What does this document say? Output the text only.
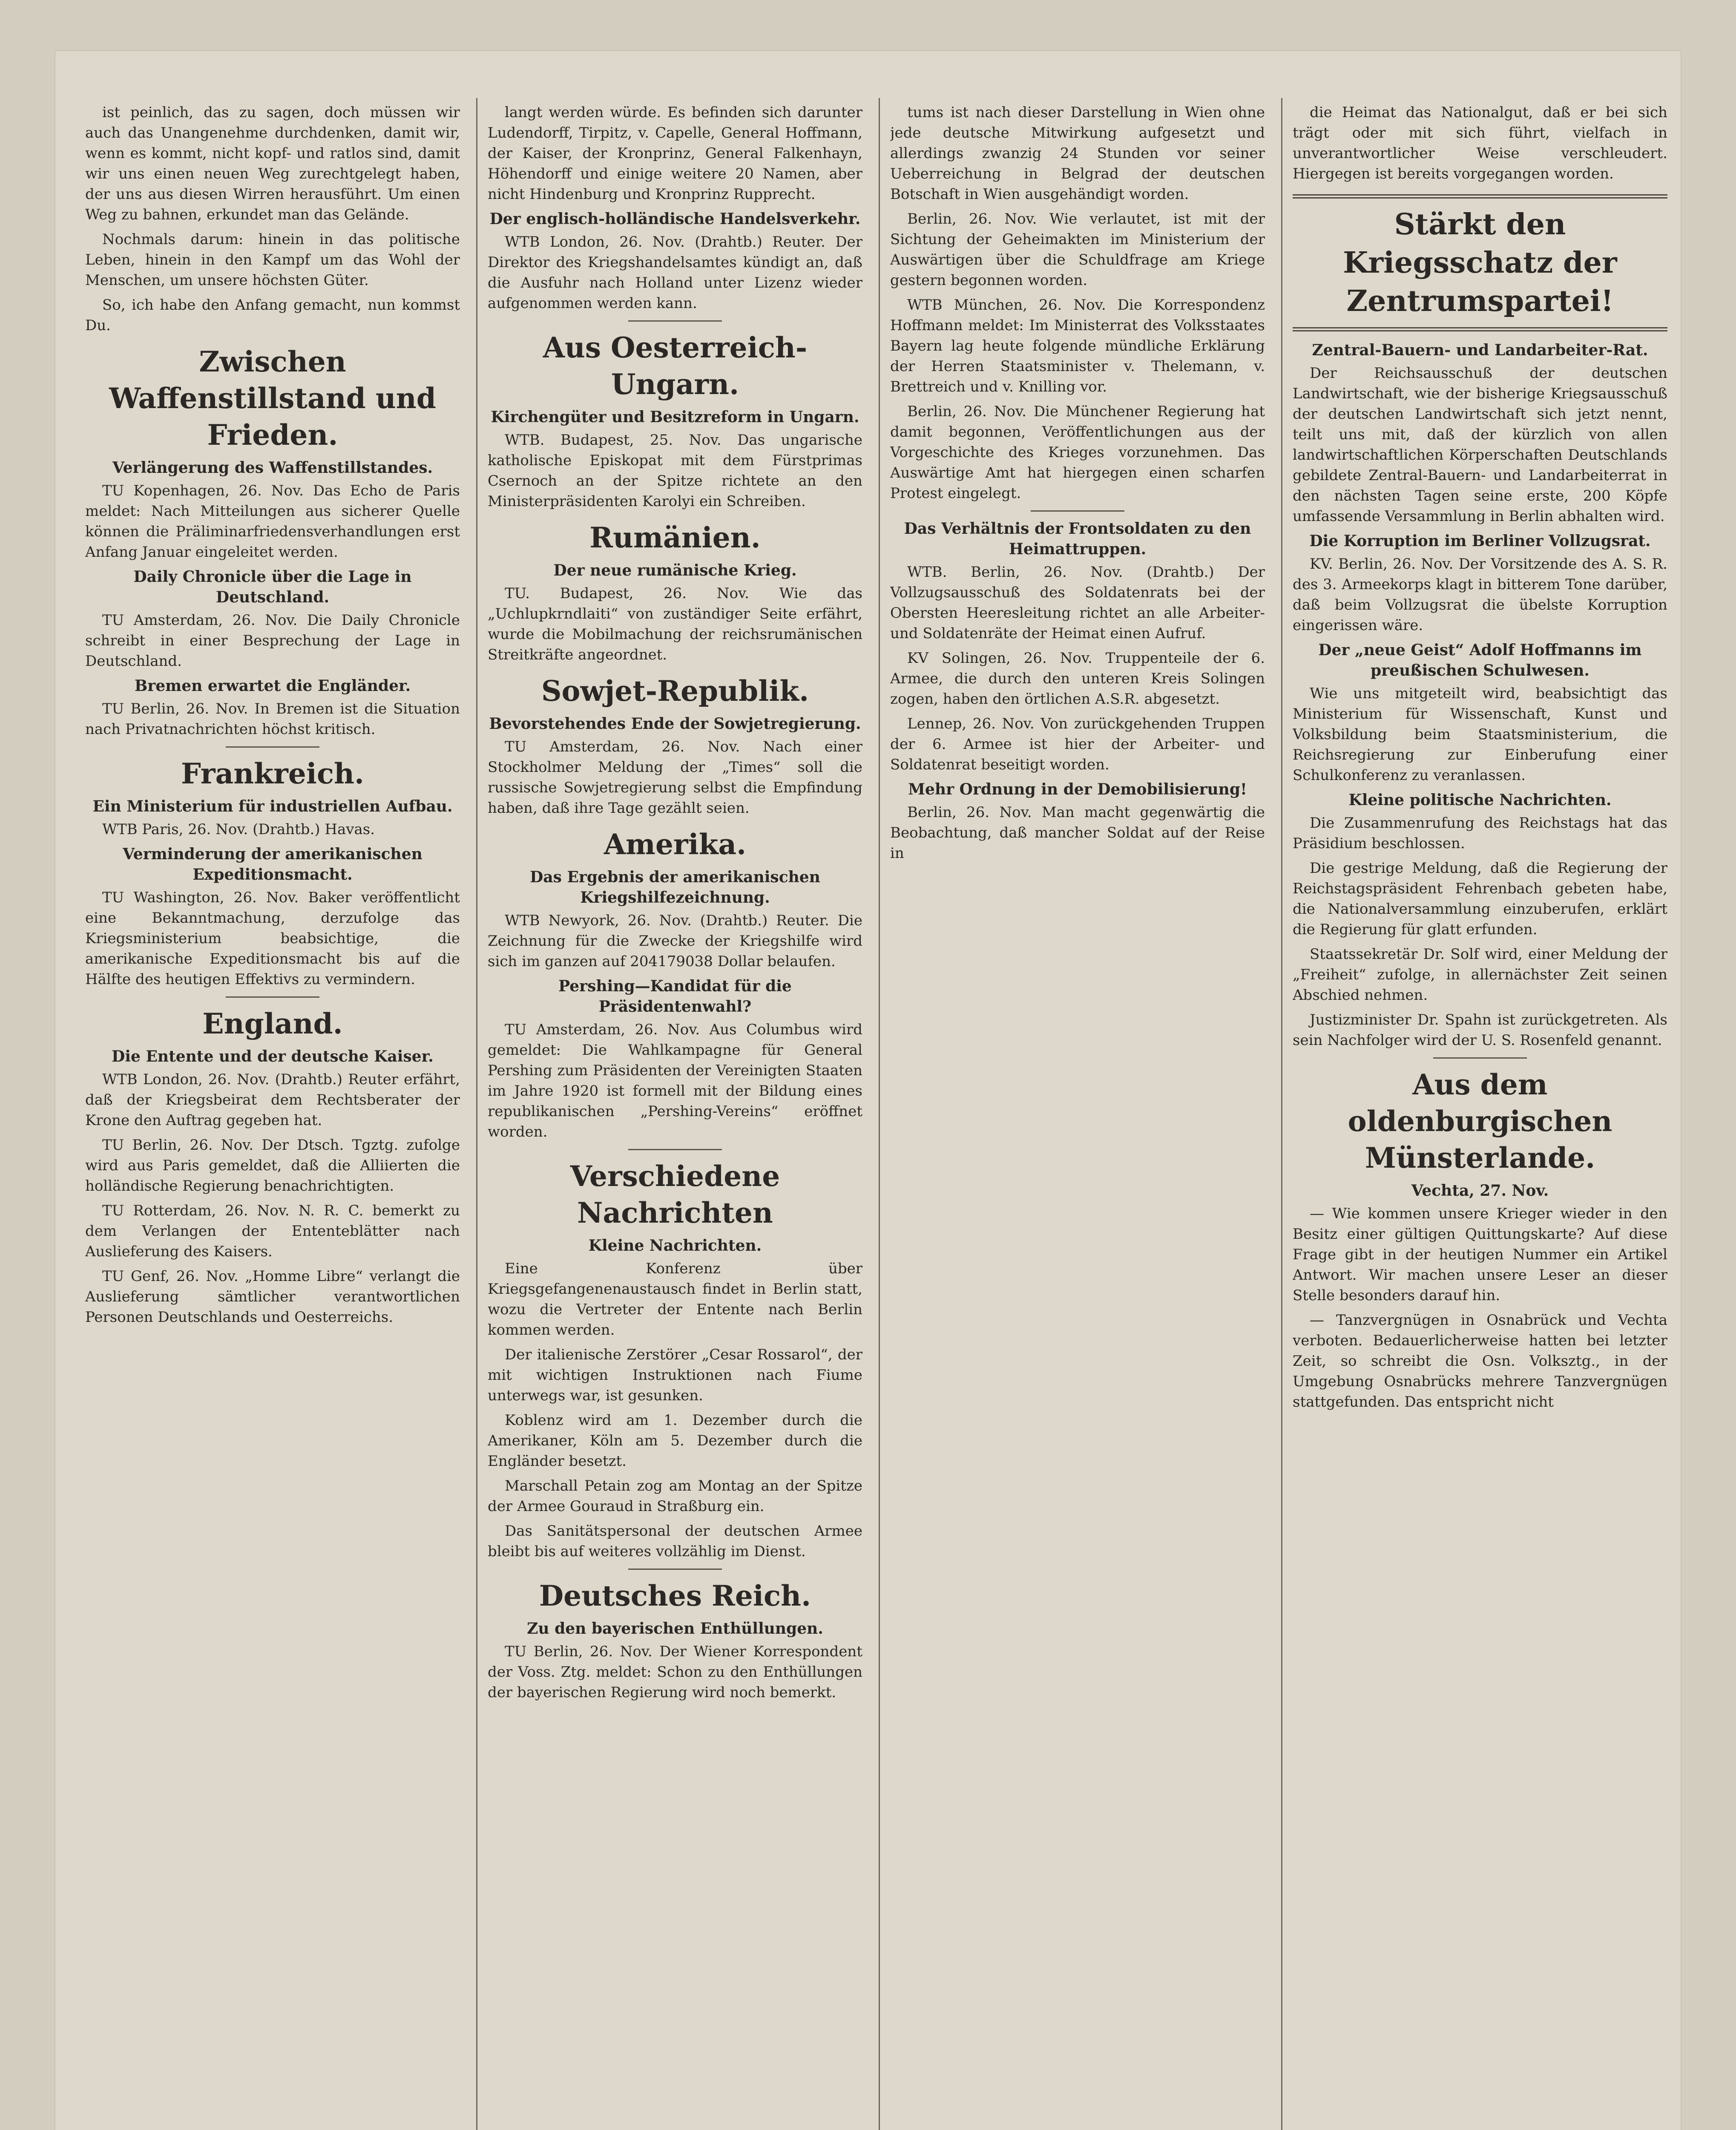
ist peinlich, das zu sagen, doch müssen wir auch das Unangenehme durchdenken, damit wir, wenn es kommt, nicht kopf- und ratlos sind, damit wir uns einen neuen Weg zurechtgelegt haben, der uns aus diesen Wirren herausführt. Um einen Weg zu bahnen, erkundet man das Gelände.

Nochmals darum: hinein in das politische Leben, hinein in den Kampf um das Wohl der Menschen, um unsere höchsten Güter.

So, ich habe den Anfang gemacht, nun kommst Du.

Zwischen Waffenstillstand und Frieden.
Verlängerung des Waffenstillstandes.

TU Kopenhagen, 26. Nov. Das Echo de Paris meldet: Nach Mitteilungen aus sicherer Quelle können die Präliminarfriedensverhandlungen erst Anfang Januar eingeleitet werden.

Daily Chronicle über die Lage in Deutschland.

TU Amsterdam, 26. Nov. Die Daily Chronicle schreibt in einer Besprechung der Lage in Deutschland.

Bremen erwartet die Engländer.

TU Berlin, 26. Nov. In Bremen ist die Situation nach Privatnachrichten höchst kritisch.

Frankreich.
Ein Ministerium für industriellen Aufbau.

WTB Paris, 26. Nov. (Drahtb.) Havas.

Verminderung der amerikanischen Expeditionsmacht.

TU Washington, 26. Nov. Baker veröffentlicht eine Bekanntmachung, derzufolge das Kriegsministerium beabsichtige, die amerikanische Expeditionsmacht bis auf die Hälfte des heutigen Effektivs zu vermindern.

England.
Die Entente und der deutsche Kaiser.

WTB London, 26. Nov. (Drahtb.) Reuter erfährt, daß der Kriegsbeirat dem Rechtsberater der Krone den Auftrag gegeben hat.

TU Berlin, 26. Nov. Der Dtsch. Tgztg. zufolge wird aus Paris gemeldet, daß die Alliierten die holländische Regierung benachrichtigten.

TU Rotterdam, 26. Nov. N. R. C. bemerkt zu dem Verlangen der Ententeblätter nach Auslieferung des Kaisers.

TU Genf, 26. Nov. „Homme Libre“ verlangt die Auslieferung sämtlicher verantwortlichen Personen Deutschlands und Oesterreichs.

langt werden würde. Es befinden sich darunter Ludendorff, Tirpitz, v. Capelle, General Hoffmann, der Kaiser, der Kronprinz, General Falkenhayn, Höhendorff und einige weitere 20 Namen, aber nicht Hindenburg und Kronprinz Rupprecht.

Der englisch-holländische Handelsverkehr.

WTB London, 26. Nov. (Drahtb.) Reuter. Der Direktor des Kriegshandelsamtes kündigt an, daß die Ausfuhr nach Holland unter Lizenz wieder aufgenommen werden kann.

Aus Oesterreich-Ungarn.
Kirchengüter und Besitzreform in Ungarn.

WTB. Budapest, 25. Nov. Das ungarische katholische Episkopat mit dem Fürstprimas Csernoch an der Spitze richtete an den Ministerpräsidenten Karolyi ein Schreiben.

Rumänien.
Der neue rumänische Krieg.

TU. Budapest, 26. Nov. Wie das „Uchlupkrndlaiti“ von zuständiger Seite erfährt, wurde die Mobilmachung der reichsrumänischen Streitkräfte angeordnet.

Sowjet-Republik.
Bevorstehendes Ende der Sowjetregierung.

TU Amsterdam, 26. Nov. Nach einer Stockholmer Meldung der „Times“ soll die russische Sowjetregierung selbst die Empfindung haben, daß ihre Tage gezählt seien.

Amerika.
Das Ergebnis der amerikanischen Kriegshilfezeichnung.

WTB Newyork, 26. Nov. (Drahtb.) Reuter. Die Zeichnung für die Zwecke der Kriegshilfe wird sich im ganzen auf 204179038 Dollar belaufen.

Pershing—Kandidat für die Präsidentenwahl?

TU Amsterdam, 26. Nov. Aus Columbus wird gemeldet: Die Wahlkampagne für General Pershing zum Präsidenten der Vereinigten Staaten im Jahre 1920 ist formell mit der Bildung eines republikanischen „Pershing-Vereins“ eröffnet worden.

Verschiedene Nachrichten
Kleine Nachrichten.

Eine Konferenz über Kriegsgefangenenaustausch findet in Berlin statt, wozu die Vertreter der Entente nach Berlin kommen werden.

Der italienische Zerstörer „Cesar Rossarol“, der mit wichtigen Instruktionen nach Fiume unterwegs war, ist gesunken.

Koblenz wird am 1. Dezember durch die Amerikaner, Köln am 5. Dezember durch die Engländer besetzt.

Marschall Petain zog am Montag an der Spitze der Armee Gouraud in Straßburg ein.

Das Sanitätspersonal der deutschen Armee bleibt bis auf weiteres vollzählig im Dienst.

Deutsches Reich.
Zu den bayerischen Enthüllungen.

TU Berlin, 26. Nov. Der Wiener Korrespondent der Voss. Ztg. meldet: Schon zu den Enthüllungen der bayerischen Regierung wird noch bemerkt.

tums ist nach dieser Darstellung in Wien ohne jede deutsche Mitwirkung aufgesetzt und allerdings zwanzig 24 Stunden vor seiner Ueberreichung in Belgrad der deutschen Botschaft in Wien ausgehändigt worden.

Berlin, 26. Nov. Wie verlautet, ist mit der Sichtung der Geheimakten im Ministerium der Auswärtigen über die Schuldfrage am Kriege gestern begonnen worden.

WTB München, 26. Nov. Die Korrespondenz Hoffmann meldet: Im Ministerrat des Volksstaates Bayern lag heute folgende mündliche Erklärung der Herren Staatsminister v. Thelemann, v. Brettreich und v. Knilling vor.

Berlin, 26. Nov. Die Münchener Regierung hat damit begonnen, Veröffentlichungen aus der Vorgeschichte des Krieges vorzunehmen. Das Auswärtige Amt hat hiergegen einen scharfen Protest eingelegt.

Das Verhältnis der Frontsoldaten zu den Heimattruppen.

WTB. Berlin, 26. Nov. (Drahtb.) Der Vollzugsausschuß des Soldatenrats bei der Obersten Heeresleitung richtet an alle Arbeiter- und Soldatenräte der Heimat einen Aufruf.

KV Solingen, 26. Nov. Truppenteile der 6. Armee, die durch den unteren Kreis Solingen zogen, haben den örtlichen A.S.R. abgesetzt.

Lennep, 26. Nov. Von zurückgehenden Truppen der 6. Armee ist hier der Arbeiter- und Soldatenrat beseitigt worden.

Mehr Ordnung in der Demobilisierung!

Berlin, 26. Nov. Man macht gegenwärtig die Beobachtung, daß mancher Soldat auf der Reise in

die Heimat das Nationalgut, daß er bei sich trägt oder mit sich führt, vielfach in unverantwortlicher Weise verschleudert. Hiergegen ist bereits vorgegangen worden.

Stärkt den Kriegsschatz der Zentrumspartei!
Zentral-Bauern- und Landarbeiter-Rat.

Der Reichsausschuß der deutschen Landwirtschaft, wie der bisherige Kriegsausschuß der deutschen Landwirtschaft sich jetzt nennt, teilt uns mit, daß der kürzlich von allen landwirtschaftlichen Körperschaften Deutschlands gebildete Zentral-Bauern- und Landarbeiterrat in den nächsten Tagen seine erste, 200 Köpfe umfassende Versammlung in Berlin abhalten wird.

Die Korruption im Berliner Vollzugsrat.

KV. Berlin, 26. Nov. Der Vorsitzende des A. S. R. des 3. Armeekorps klagt in bitterem Tone darüber, daß beim Vollzugsrat die übelste Korruption eingerissen wäre.

Der „neue Geist“ Adolf Hoffmanns im preußischen Schulwesen.

Wie uns mitgeteilt wird, beabsichtigt das Ministerium für Wissenschaft, Kunst und Volksbildung beim Staatsministerium, die Reichsregierung zur Einberufung einer Schulkonferenz zu veranlassen.

Kleine politische Nachrichten.

Die Zusammenrufung des Reichstags hat das Präsidium beschlossen.

Die gestrige Meldung, daß die Regierung der Reichstagspräsident Fehrenbach gebeten habe, die Nationalversammlung einzuberufen, erklärt die Regierung für glatt erfunden.

Staatssekretär Dr. Solf wird, einer Meldung der „Freiheit“ zufolge, in allernächster Zeit seinen Abschied nehmen.

Justizminister Dr. Spahn ist zurückgetreten. Als sein Nachfolger wird der U. S. Rosenfeld genannt.

Aus dem oldenburgischen Münsterlande.
Vechta, 27. Nov.

— Wie kommen unsere Krieger wieder in den Besitz einer gültigen Quittungskarte? Auf diese Frage gibt in der heutigen Nummer ein Artikel Antwort. Wir machen unsere Leser an dieser Stelle besonders darauf hin.

— Tanzvergnügen in Osnabrück und Vechta verboten. Bedauerlicherweise hatten bei letzter Zeit, so schreibt die Osn. Volksztg., in der Umgebung Osnabrücks mehrere Tanzvergnügen stattgefunden. Das entspricht nicht
